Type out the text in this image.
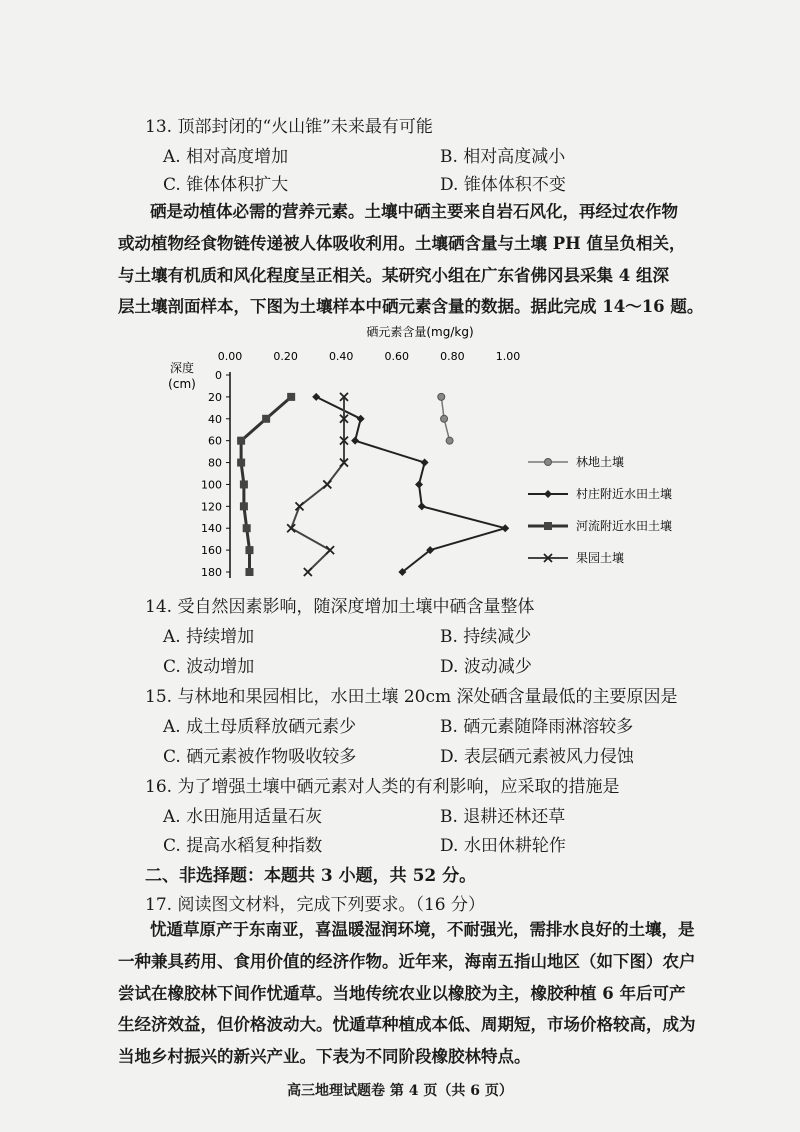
13. 顶部封闭的“火山锥”未来最有可能
A. 相对高度增加	B. 相对高度减小
C. 锥体体积扩大	D. 锥体体积不变
硒是动植体必需的营养元素。土壤中硒主要来自岩石风化，再经过农作物
或动植物经食物链传递被人体吸收利用。土壤硒含量与土壤 PH 值呈负相关，
与土壤有机质和风化程度呈正相关。某研究小组在广东省佛冈县采集 4 组深
层土壤剖面样本，下图为土壤样本中硒元素含量的数据。据此完成 14～16 题。
硒元素含量(mg/kg)
深度
(cm)
0.00	0.20	0.40	0.60	0.80	1.00
0
20
40
60
80
100
120
140
160
180
林地土壤
村庄附近水田土壤
河流附近水田土壤
果园土壤
14. 受自然因素影响，随深度增加土壤中硒含量整体
A. 持续增加	B. 持续减少
C. 波动增加	D. 波动减少
15. 与林地和果园相比，水田土壤 20cm 深处硒含量最低的主要原因是
A. 成土母质释放硒元素少	B. 硒元素随降雨淋溶较多
C. 硒元素被作物吸收较多	D. 表层硒元素被风力侵蚀
16. 为了增强土壤中硒元素对人类的有利影响，应采取的措施是
A. 水田施用适量石灰	B. 退耕还林还草
C. 提高水稻复种指数	D. 水田休耕轮作
二、非选择题：本题共 3 小题，共 52 分。
17. 阅读图文材料，完成下列要求。（16 分）
忧遁草原产于东南亚，喜温暖湿润环境，不耐强光，需排水良好的土壤，是
一种兼具药用、食用价值的经济作物。近年来，海南五指山地区（如下图）农户
尝试在橡胶林下间作忧遁草。当地传统农业以橡胶为主，橡胶种植 6 年后可产
生经济效益，但价格波动大。忧遁草种植成本低、周期短，市场价格较高，成为
当地乡村振兴的新兴产业。下表为不同阶段橡胶林特点。
高三地理试题卷 第 4 页（共 6 页）
